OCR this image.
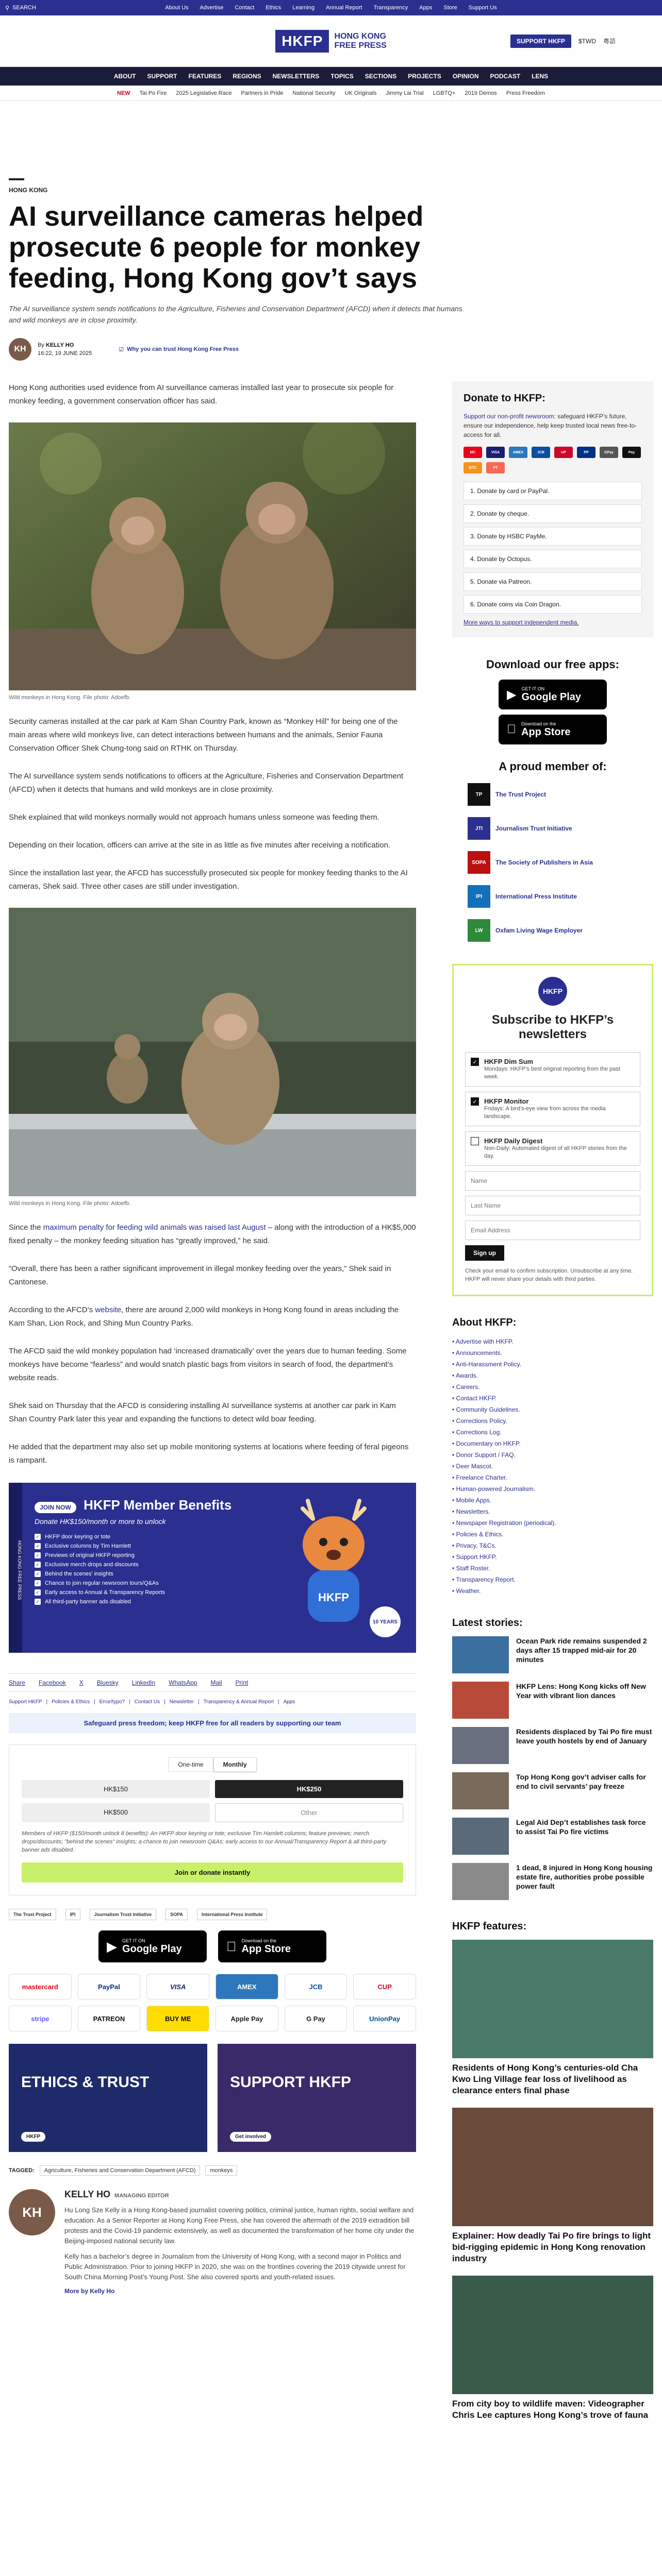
⚲ SEARCH	About Us Advertise Contact Ethics Learning Annual Report Transparency Apps Store Support Us
HKFP	HONG KONG
FREE PRESS	SUPPORT HKFP	$TWD 粵語
ABOUT SUPPORT FEATURES REGIONS NEWSLETTERS TOPICS SECTIONS PROJECTS OPINION PODCAST LENS
NEW Tai Po Fire 2025 Legislative Race Partners in Pride National Security UK Originals Jimmy Lai Trial LGBTQ+ 2019 Demos Press Freedom
HONG KONG
AI surveillance cameras helped prosecute 6 people for monkey feeding, Hong Kong gov’t says

The AI surveillance system sends notifications to the Agriculture, Fisheries and Conservation Department (AFCD) when it detects that humans and wild monkeys are in close proximity.

KH	By KELLY HO
16:22, 19 JUNE 2025
☑ Why you can trust Hong Kong Free Press

Hong Kong authorities used evidence from AI surveillance cameras installed last year to prosecute six people for monkey feeding, a government conservation officer has said.

Wild monkeys in Hong Kong. File photo: Adoefb.

Security cameras installed at the car park at Kam Shan Country Park, known as “Monkey Hill” for being one of the main areas where wild monkeys live, can detect interactions between humans and the animals, Senior Fauna Conservation Officer Shek Chung-tong said on RTHK on Thursday.

The AI surveillance system sends notifications to officers at the Agriculture, Fisheries and Conservation Department (AFCD) when it detects that humans and wild monkeys are in close proximity.

Shek explained that wild monkeys normally would not approach humans unless someone was feeding them.

Depending on their location, officers can arrive at the site in as little as five minutes after receiving a notification.

Since the installation last year, the AFCD has successfully prosecuted six people for monkey feeding thanks to the AI cameras, Shek said. Three other cases are still under investigation.

Wild monkeys in Hong Kong. File photo: Adoefb.

Since the maximum penalty for feeding wild animals was raised last August – along with the introduction of a HK$5,000 fixed penalty – the monkey feeding situation has “greatly improved,” he said.

“Overall, there has been a rather significant improvement in illegal monkey feeding over the years,” Shek said in Cantonese.

According to the AFCD’s website, there are around 2,000 wild monkeys in Hong Kong found in areas including the Kam Shan, Lion Rock, and Shing Mun Country Parks.

The AFCD said the wild monkey population had ‘increased dramatically’ over the years due to human feeding. Some monkeys have become “fearless” and would snatch plastic bags from visitors in search of food, the department’s website reads.

Shek said on Thursday that the AFCD is considering installing AI surveillance systems at another car park in Kam Shan Country Park later this year and expanding the functions to detect wild boar feeding.

He added that the department may also set up mobile monitoring systems at locations where feeding of feral pigeons is rampant.

HONG KONG FREE PRESS
JOIN NOW HKFP Member Benefits
Donate HK$150/month or more to unlock
✓ HKFP door keyring or tote
✓ Exclusive columns by Tim Hamlett
✓ Previews of original HKFP reporting
✓ Exclusive merch drops and discounts
✓ Behind the scenes’ insights
✓ Chance to join regular newsroom tours/Q&As
✓ Early access to Annual & Transparency Reports
✓ All third-party banner ads disabled	HKFP
10 YEARS
Share Facebook X Bluesky LinkedIn WhatsApp Mail Print
Support HKFP | Policies & Ethics | Error/typo? | Contact Us | Newsletter | Transparency & Annual Report | Apps
Safeguard press freedom; keep HKFP free for all readers by supporting our team
One-time	Monthly
HK$150	HK$250
HK$500	Other
Members of HKFP ($150/month unlock 8 benefits): An HKFP door keyring or tote; exclusive Tim Hamlett columns; feature previews; merch drops/discounts; "behind the scenes" insights; a chance to join newsroom Q&As; early access to our Annual/Transparency Report & all third-party banner ads disabled.
Join or donate instantly
The Trust Project	IPI	Journalism Trust Initiative	SOPA	International Press Institute
▶ GET IT ON
Google Play
Download on the
App Store
mastercard	PayPal	VISA	AMEX	JCB	CUP
stripe	PATREON	BUY ME	Apple Pay	G Pay	UnionPay
ETHICS & TRUST
HKFP
SUPPORT HKFP
Get involved
TAGGED:	Agriculture, Fisheries and Conservation Department (AFCD)	monkeys
KH
KELLY HO MANAGING EDITOR

Hu Long Sze Kelly is a Hong Kong-based journalist covering politics, criminal justice, human rights, social welfare and education. As a Senior Reporter at Hong Kong Free Press, she has covered the aftermath of the 2019 extradition bill protests and the Covid-19 pandemic extensively, as well as documented the transformation of her home city under the Beijing-imposed national security law.

Kelly has a bachelor’s degree in Journalism from the University of Hong Kong, with a second major in Politics and Public Administration. Prior to joining HKFP in 2020, she was on the frontlines covering the 2019 citywide unrest for South China Morning Post’s Young Post. She also covered sports and youth-related issues.

More by Kelly Ho
Donate to HKFP:

Support our non-profit newsroom: safeguard HKFP’s future, ensure our independence, help keep trusted local news free-to-access for all.

MC	VISA	AMEX	JCB	UP	PP	GPay	Pay
BTC	PT
1. Donate by card or PayPal.
2. Donate by cheque.
3. Donate by HSBC PayMe.
4. Donate by Octopus.
5. Donate via Patreon.
6. Donate coins via Coin Dragon.
More ways to support independent media.
Download our free apps:
▶ GET IT ON
Google Play
Download on the
App Store
A proud member of:
TP	The Trust Project
JTI	Journalism Trust Initiative
SOPA	The Society of Publishers in Asia
IPI	International Press Institute
LW	Oxfam Living Wage Employer
HKFP
Subscribe to HKFP’s newsletters
✓ HKFP Dim Sum
Mondays: HKFP’s best original reporting from the past week.
✓ HKFP Monitor
Fridays: A bird’s-eye view from across the media landscape.
HKFP Daily Digest
Non-Daily: Automated digest of all HKFP stories from the day.
Name Last Name Email Address Sign up

Check your email to confirm subscription. Unsubscribe at any time. HKFP will never share your details with third parties.

About HKFP:
• Advertise with HKFP.
• Announcements.
• Anti-Harassment Policy.
• Awards.
• Careers.
• Contact HKFP.
• Community Guidelines.
• Corrections Policy.
• Corrections Log.
• Documentary on HKFP.
• Donor Support / FAQ.
• Deer Mascot.
• Freelance Charter.
• Human-powered Journalism.
• Mobile Apps.
• Newsletters.
• Newspaper Registration (periodical).
• Policies & Ethics.
• Privacy, T&Cs.
• Support HKFP.
• Staff Roster.
• Transparency Report.
• Weather.
Latest stories:
Ocean Park ride remains suspended 2 days after 15 trapped mid-air for 20 minutes
HKFP Lens: Hong Kong kicks off New Year with vibrant lion dances
Residents displaced by Tai Po fire must leave youth hostels by end of January
Top Hong Kong gov’t adviser calls for end to civil servants’ pay freeze
Legal Aid Dep’t establishes task force to assist Tai Po fire victims
1 dead, 8 injured in Hong Kong housing estate fire, authorities probe possible power fault
HKFP features:
Residents of Hong Kong’s centuries-old Cha Kwo Ling Village fear loss of livelihood as clearance enters final phase
Explainer: How deadly Tai Po fire brings to light bid-rigging epidemic in Hong Kong renovation industry
From city boy to wildlife maven: Videographer Chris Lee captures Hong Kong’s trove of fauna
